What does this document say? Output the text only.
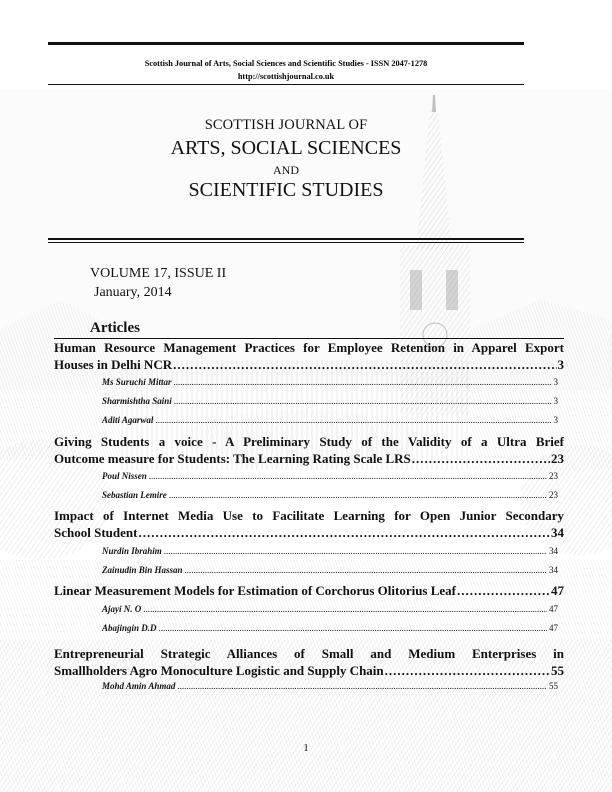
Scottish Journal of Arts, Social Sciences and Scientific Studies - ISSN 2047-1278
http://scottishjournal.co.uk
SCOTTISH JOURNAL OF
ARTS, SOCIAL SCIENCES
AND
SCIENTIFIC STUDIES
VOLUME 17, ISSUE II
January, 2014
Articles
Human Resource Management Practices for Employee Retention in Apparel Export
Houses in Delhi NCR .....	3
Ms Suruchi Mittar .....	3
Sharmishtha Saini .....	3
Aditi Agarwal .....	3
Giving Students a voice - A Preliminary Study of the Validity of a Ultra Brief
Outcome measure for Students: The Learning Rating Scale LRS .....	23
Poul Nissen .....	23
Sebastian Lemire .....	23
Impact of Internet Media Use to Facilitate Learning for Open Junior Secondary
School Student .....	34
Nurdin Ibrahim .....	34
Zainudin Bin Hassan .....	34
Linear Measurement Models for Estimation of Corchorus Olitorius Leaf .....	47
Ajayi N. O .....	47
Abajingin D.D .....	47
Entrepreneurial Strategic Alliances of Small and Medium Enterprises in
Smallholders Agro Monoculture Logistic and Supply Chain .....	55
Mohd Amin Ahmad .....	55
1
